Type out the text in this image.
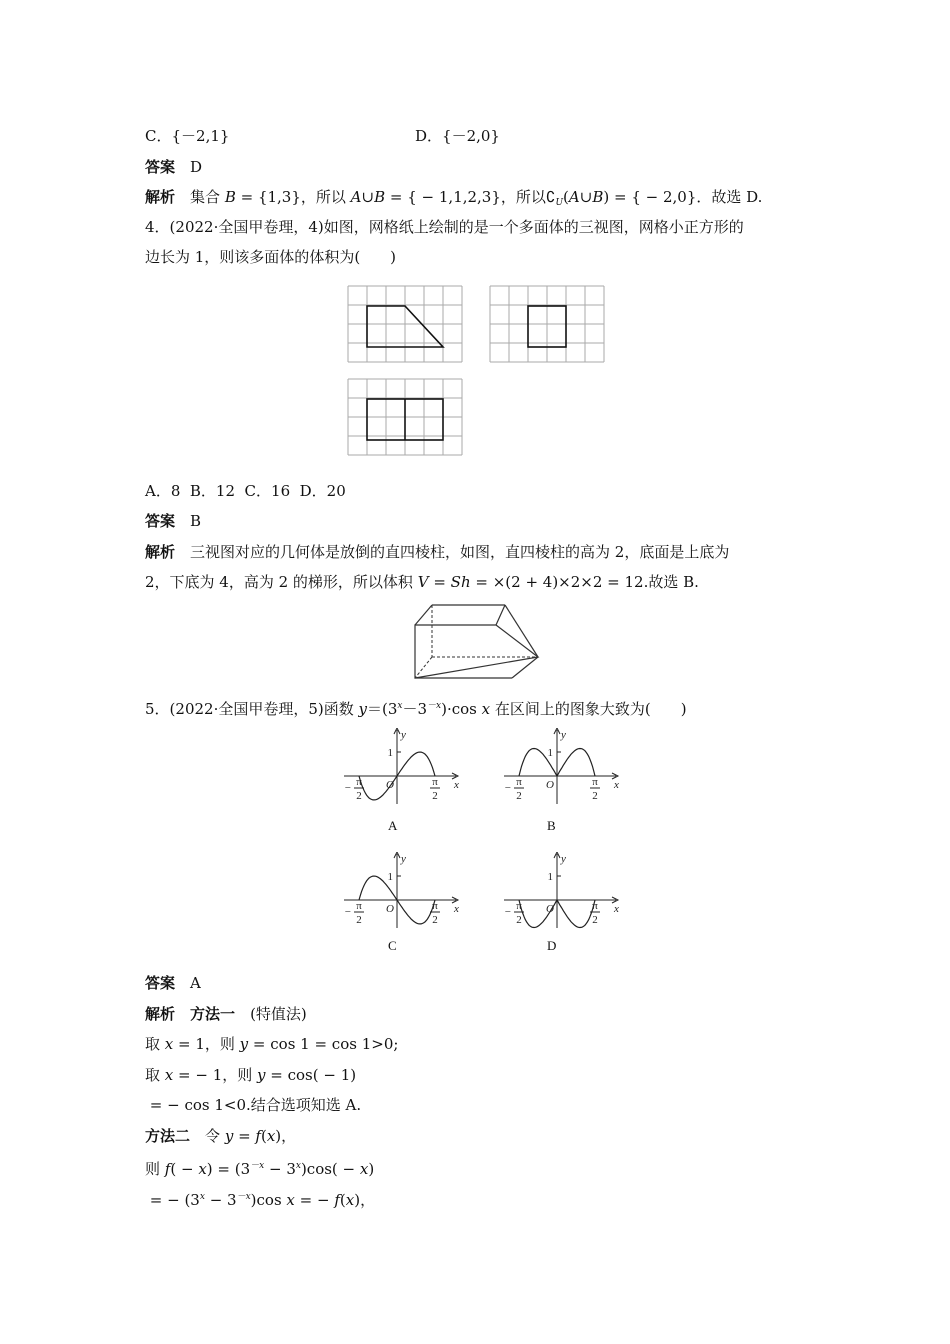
C．{－2,1}	D．{－2,0}
答案　 D
解析　 集合 B = {1,3}，所以 A∪B = { − 1,1,2,3}，所以$∁_U(A\cup B)$ = { − 2,0}．故选 D.
4．(2022·全国甲卷理，4)如图，网格纸上绘制的是一个多面体的三视图，网格小正方形的
边长为 1，则该多面体的体积为(　　)
A．8  B．12  C．16  D．20
答案　 B
解析　 三视图对应的几何体是放倒的直四棱柱，如图，直四棱柱的高为 2，底面是上底为
2，下底为 4，高为 2 的梯形，所以体积 V = Sh = ×(2 + 4)×2×2 = 12.故选 B.
5．(2022·全国甲卷理，5)函数 $y=(3^x-3^{-x})\cdot\cos$ x 在区间上的图象大致为(　　)
y
x
O
1
π
2
−	π
2
y
x
O
1
π
2
−	π
2
y
x
O
1
π
2
−	π
2
y
x
O
1
π
2
−	π
2
A	B
C	D
答案　 A
解析　 方法一　 (特值法)
取 x = 1，则 y = cos 1 = cos 1>0;
取 x = − 1，则 y = cos( − 1)
= − cos 1<0.结合选项知选 A.
方法二　 令 y = f(x)，
则 $f( - x) = (3^{-x} - 3^x)\cos( - x)$
= − $(3^x - 3^{-x})\cos$ x = − f(x)，
